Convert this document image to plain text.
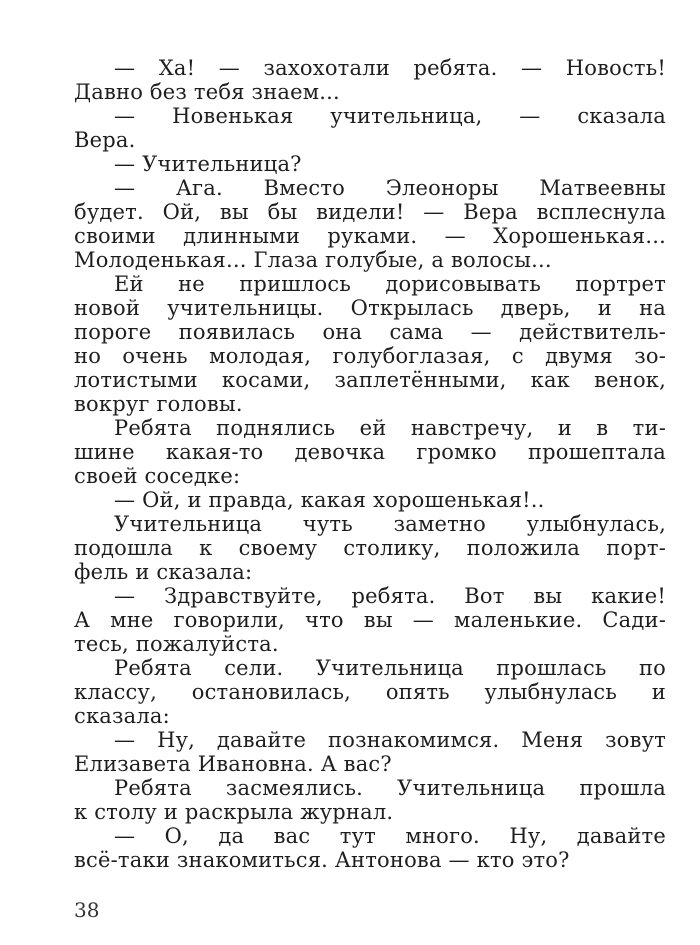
— Ха! — захохотали ребята. — Новость!
Давно без тебя знаем...
— Новенькая учительница, — сказала
Вера.
— Учительница?
— Ага. Вместо Элеоноры Матвеевны
будет. Ой, вы бы видели! — Вера всплеснула
своими длинными руками. — Хорошенькая...
Молоденькая... Глаза голубые, а волосы...
Ей не пришлось дорисовывать портрет
новой учительницы. Открылась дверь, и на
пороге появилась она сама — действитель-
но очень молодая, голубоглазая, с двумя зо-
лотистыми косами, заплетёнными, как венок,
вокруг головы.
Ребята поднялись ей навстречу, и в ти-
шине какая-то девочка громко прошептала
своей соседке:
— Ой, и правда, какая хорошенькая!..
Учительница чуть заметно улыбнулась,
подошла к своему столику, положила порт-
фель и сказала:
— Здравствуйте, ребята. Вот вы какие!
А мне говорили, что вы — маленькие. Сади-
тесь, пожалуйста.
Ребята сели. Учительница прошлась по
классу, остановилась, опять улыбнулась и
сказала:
— Ну, давайте познакомимся. Меня зовут
Елизавета Ивановна. А вас?
Ребята засмеялись. Учительница прошла
к столу и раскрыла журнал.
— О, да вас тут много. Ну, давайте
всё-таки знакомиться. Антонова — кто это?
38
